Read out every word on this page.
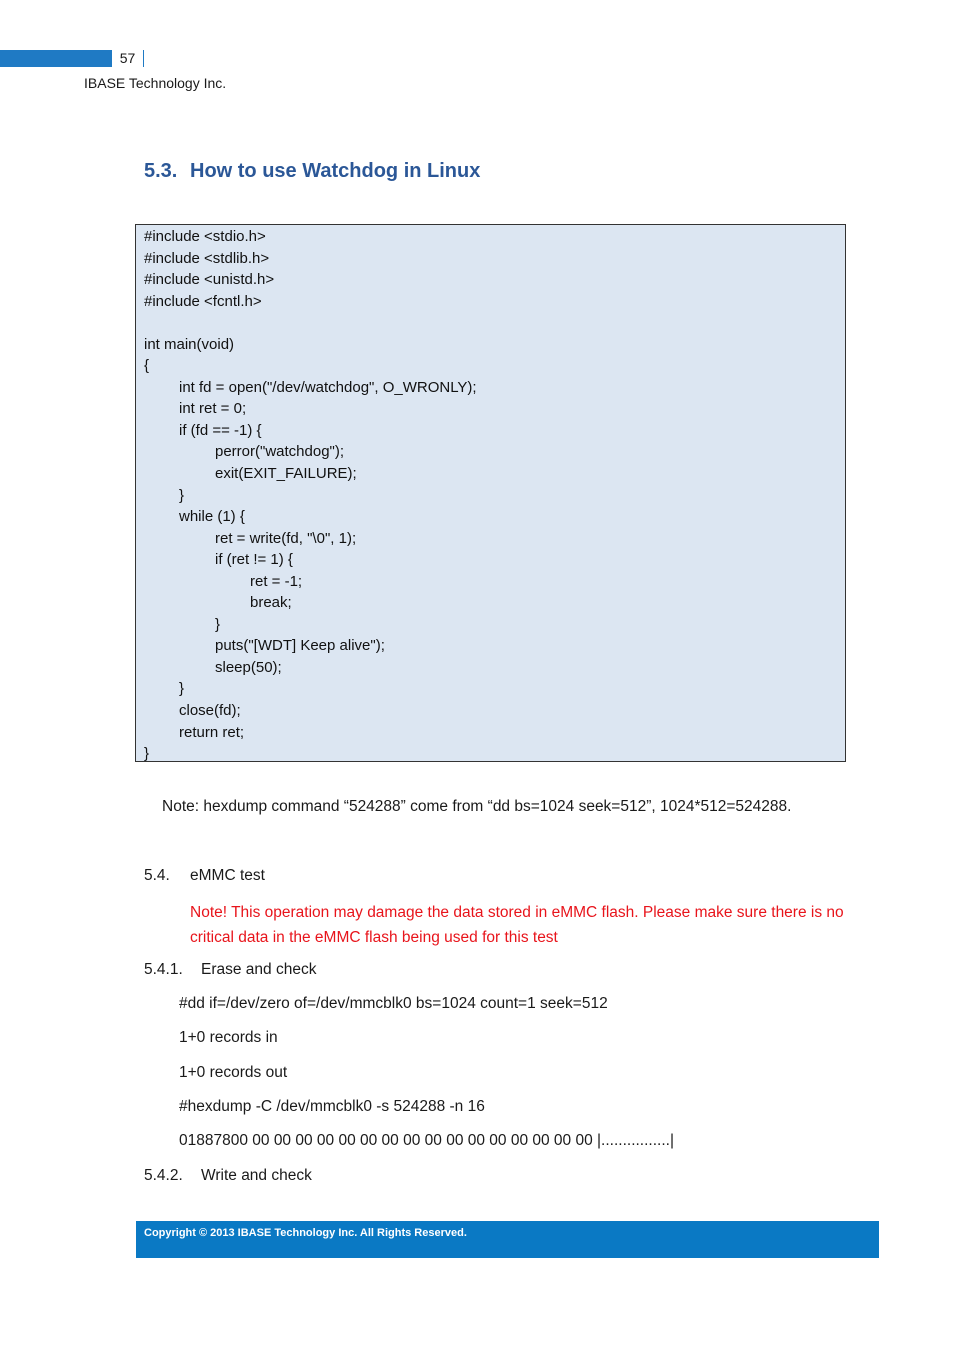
57
IBASE Technology Inc.
5.3. How to use Watchdog in Linux
#include <stdio.h>
#include <stdlib.h>
#include <unistd.h>
#include <fcntl.h>

int main(void)
{
int fd = open("/dev/watchdog", O_WRONLY);
int ret = 0;
if (fd == -1) {
perror("watchdog");
exit(EXIT_FAILURE);
}
while (1) {
ret = write(fd, "\0", 1);
if (ret != 1) {
ret = -1;
break;
}
puts("[WDT] Keep alive");
sleep(50);
}
close(fd);
return ret;
}
Note: hexdump command “524288” come from “dd bs=1024 seek=512”, 1024*512=524288.
5.4. eMMC test
Note! This operation may damage the data stored in eMMC flash. Please make sure there is no critical data in the eMMC flash being used for this test
5.4.1. Erase and check
#dd if=/dev/zero of=/dev/mmcblk0 bs=1024 count=1 seek=512
1+0 records in
1+0 records out
#hexdump -C /dev/mmcblk0 -s 524288 -n 16
01887800 00 00 00 00 00 00 00 00 00 00 00 00 00 00 00 00 |................|
5.4.2. Write and check
Copyright © 2013 IBASE Technology Inc. All Rights Reserved.
